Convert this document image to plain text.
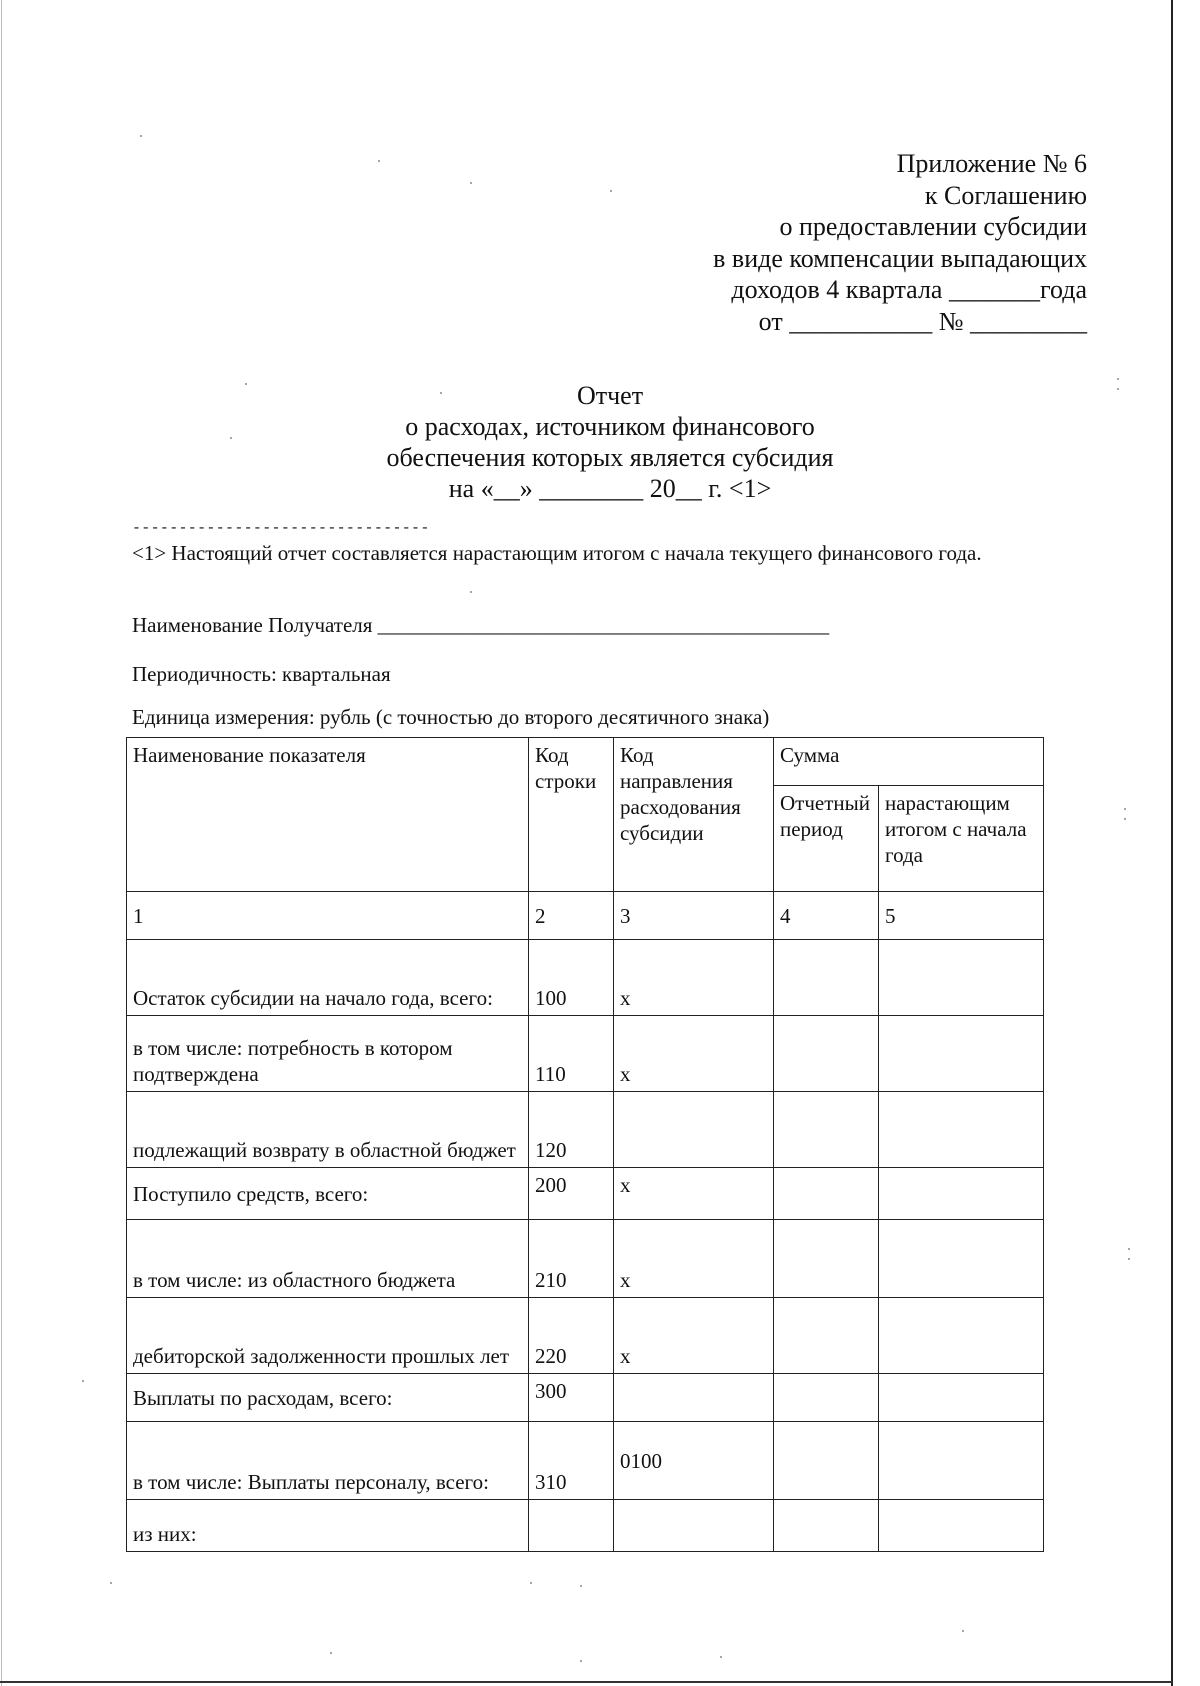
Приложение № 6
к Соглашению
о предоставлении субсидии
в виде компенсации выпадающих
доходов 4 квартала _______года
от ___________ № _________
Отчет
о расходах, источником финансового
обеспечения которых является субсидия
на «__» ________ 20__ г. <1>
--------------------------------
<1> Настоящий отчет составляется нарастающим итогом с начала текущего финансового года.
Наименование Получателя ___________________________________________
Периодичность: квартальная
Единица измерения: рубль (с точностью до второго десятичного знака)
Наименование показателя	Код строки	Код направления расходования субсидии	Сумма	
			Отчетный период	нарастающим итогом с начала года
1	2	3	4	5
Остаток субсидии на начало года, всего:	100	x		
в том числе: потребность в котором подтверждена	110	x		
подлежащий возврату в областной бюджет	120			
Поступило средств, всего:	200	x		
в том числе: из областного бюджета	210	x		
дебиторской задолженности прошлых лет	220	x		
Выплаты по расходам, всего:	300			
в том числе: Выплаты персоналу, всего:	310	0100		
из них:				
